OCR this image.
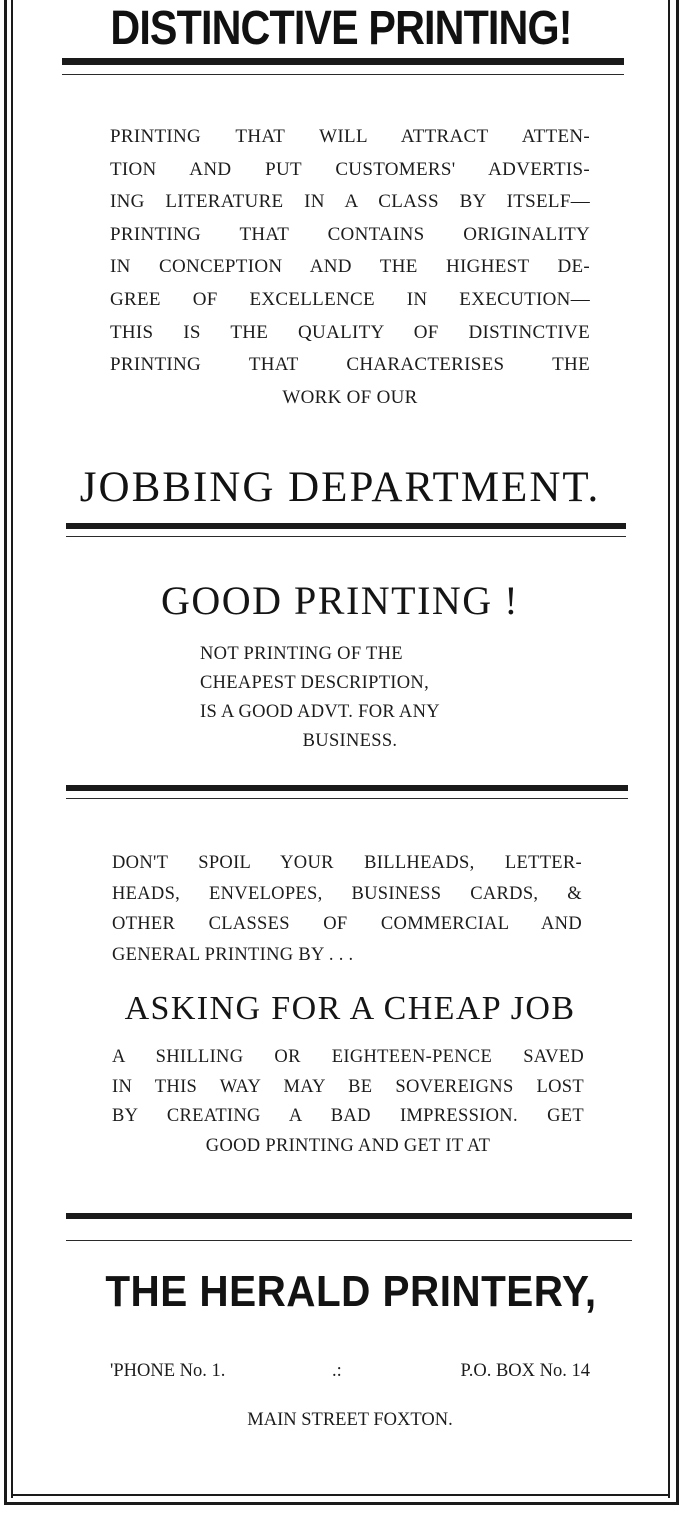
DISTINCTIVE PRINTING!
PRINTING THAT WILL ATTRACT ATTEN-
TION AND PUT CUSTOMERS' ADVERTIS-
ING LITERATURE IN A CLASS BY ITSELF—
PRINTING THAT CONTAINS ORIGINALITY
IN CONCEPTION AND THE HIGHEST DE-
GREE OF EXCELLENCE IN EXECUTION—
THIS IS THE QUALITY OF DISTINCTIVE
PRINTING THAT CHARACTERISES THE
WORK OF OUR
JOBBING DEPARTMENT.
GOOD PRINTING !
NOT PRINTING OF THE
CHEAPEST DESCRIPTION,
IS A GOOD ADVT. FOR ANY
BUSINESS.
DON'T SPOIL YOUR BILLHEADS, LETTER-
HEADS, ENVELOPES, BUSINESS CARDS, &
OTHER CLASSES OF COMMERCIAL AND
GENERAL PRINTING BY . . .
ASKING FOR A CHEAP JOB
A SHILLING OR EIGHTEEN-PENCE SAVED
IN THIS WAY MAY BE SOVEREIGNS LOST
BY CREATING A BAD IMPRESSION. GET
GOOD PRINTING AND GET IT AT
THE HERALD PRINTERY,
'PHONE No. 1.	.:	P.O. BOX No. 14
MAIN STREET FOXTON.
